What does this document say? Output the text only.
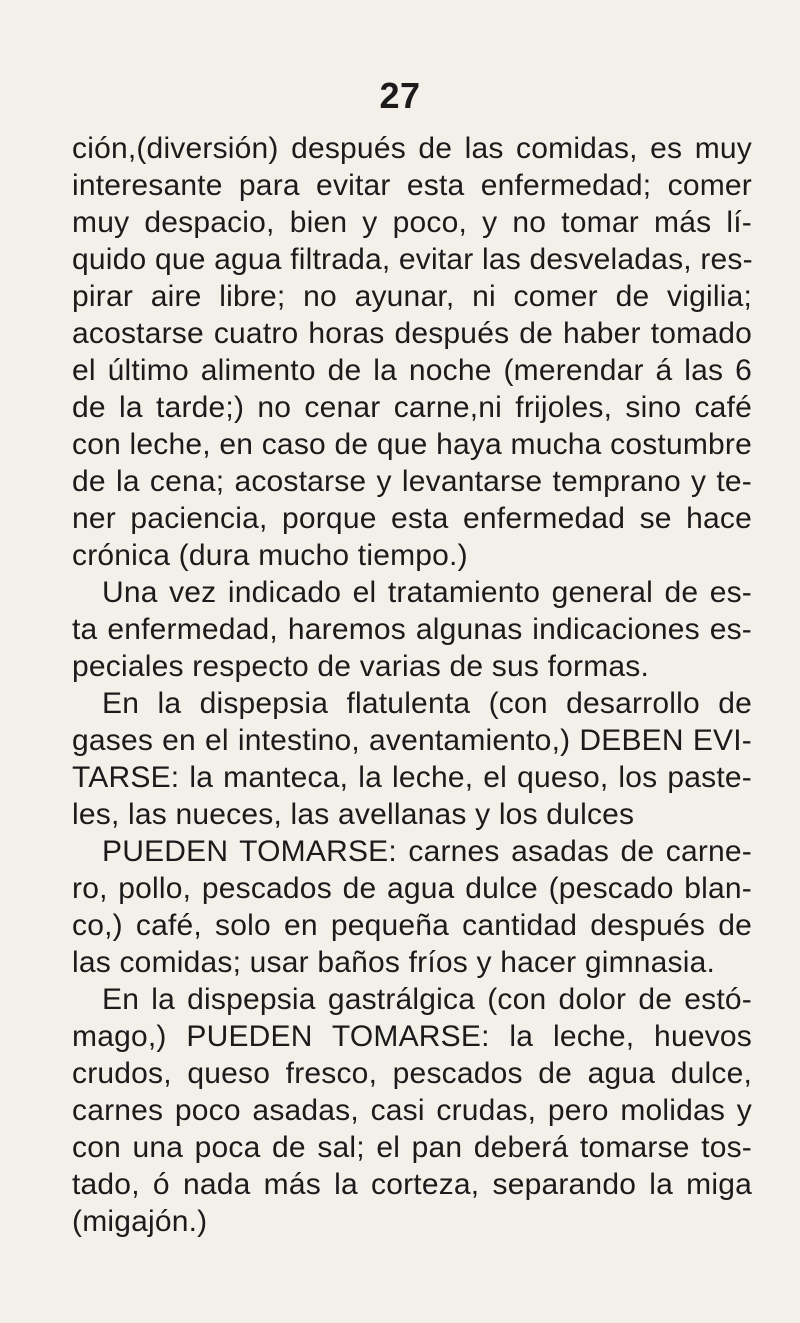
27
ción,(diversión) después de las comidas, es muy
interesante para evitar esta enfermedad; comer
muy despacio, bien y poco, y no tomar más lí-
quido que agua filtrada, evitar las desveladas, res-
pirar aire libre; no ayunar, ni comer de vigilia;
acostarse cuatro horas después de haber tomado
el último alimento de la noche (merendar á las 6
de la tarde;) no cenar carne,ni frijoles, sino café
con leche, en caso de que haya mucha costumbre
de la cena; acostarse y levantarse temprano y te-
ner paciencia, porque esta enfermedad se hace
crónica (dura mucho tiempo.)
Una vez indicado el tratamiento general de es-
ta enfermedad, haremos algunas indicaciones es-
peciales respecto de varias de sus formas.
En la dispepsia flatulenta (con desarrollo de
gases en el intestino, aventamiento,) DEBEN EVI-
TARSE: la manteca, la leche, el queso, los paste-
les, las nueces, las avellanas y los dulces
PUEDEN TOMARSE: carnes asadas de carne-
ro, pollo, pescados de agua dulce (pescado blan-
co,) café, solo en pequeña cantidad después de
las comidas; usar baños fríos y hacer gimnasia.
En la dispepsia gastrálgica (con dolor de estó-
mago,) PUEDEN TOMARSE: la leche, huevos
crudos, queso fresco, pescados de agua dulce,
carnes poco asadas, casi crudas, pero molidas y
con una poca de sal; el pan deberá tomarse tos-
tado, ó nada más la corteza, separando la miga
(migajón.)
